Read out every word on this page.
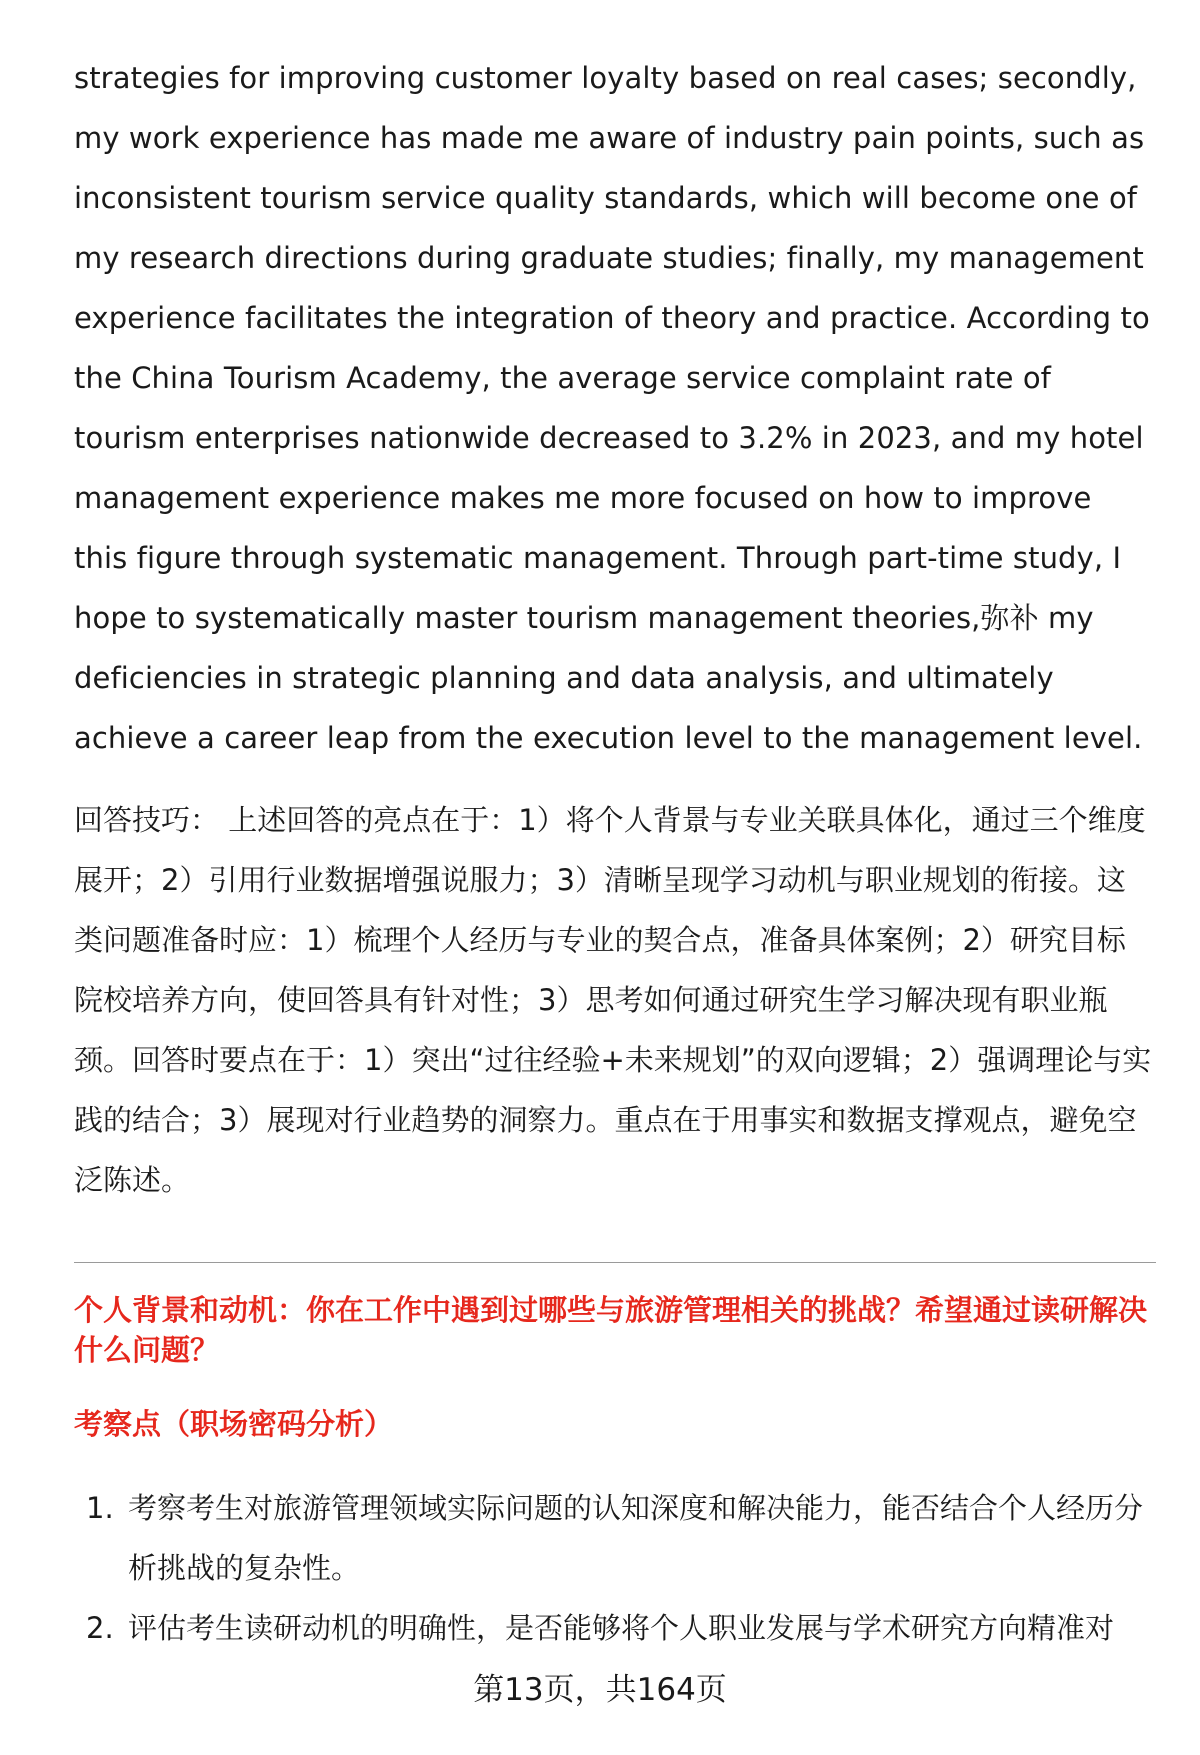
strategies for improving customer loyalty based on real cases; secondly, my work experience has made me aware of industry pain points, such as inconsistent tourism service quality standards, which will become one of my research directions during graduate studies; finally, my management experience facilitates the integration of theory and practice. According to the China Tourism Academy, the average service complaint rate of tourism enterprises nationwide decreased to 3.2% in 2023, and my hotel management experience makes me more focused on how to improve this figure through systematic management. Through part-time study, I hope to systematically master tourism management theories,弥补 my deficiencies in strategic planning and data analysis, and ultimately achieve a career leap from the execution level to the management level.

回答技巧： 上述回答的亮点在于：1）将个人背景与专业关联具体化，通过三个维度展开；2）引用行业数据增强说服力；3）清晰呈现学习动机与职业规划的衔接。这类问题准备时应：1）梳理个人经历与专业的契合点，准备具体案例；2）研究目标院校培养方向，使回答具有针对性；3）思考如何通过研究生学习解决现有职业瓶颈。回答时要点在于：1）突出“过往经验+未来规划”的双向逻辑；2）强调理论与实践的结合；3）展现对行业趋势的洞察力。重点在于用事实和数据支撑观点，避免空泛陈述。

个人背景和动机：你在工作中遇到过哪些与旅游管理相关的挑战？希望通过读研解决什么问题？

考察点（职场密码分析）

1. 考察考生对旅游管理领域实际问题的认知深度和解决能力，能否结合个人经历分析挑战的复杂性。
2. 评估考生读研动机的明确性，是否能够将个人职业发展与学术研究方向精准对
第13页，共164页
